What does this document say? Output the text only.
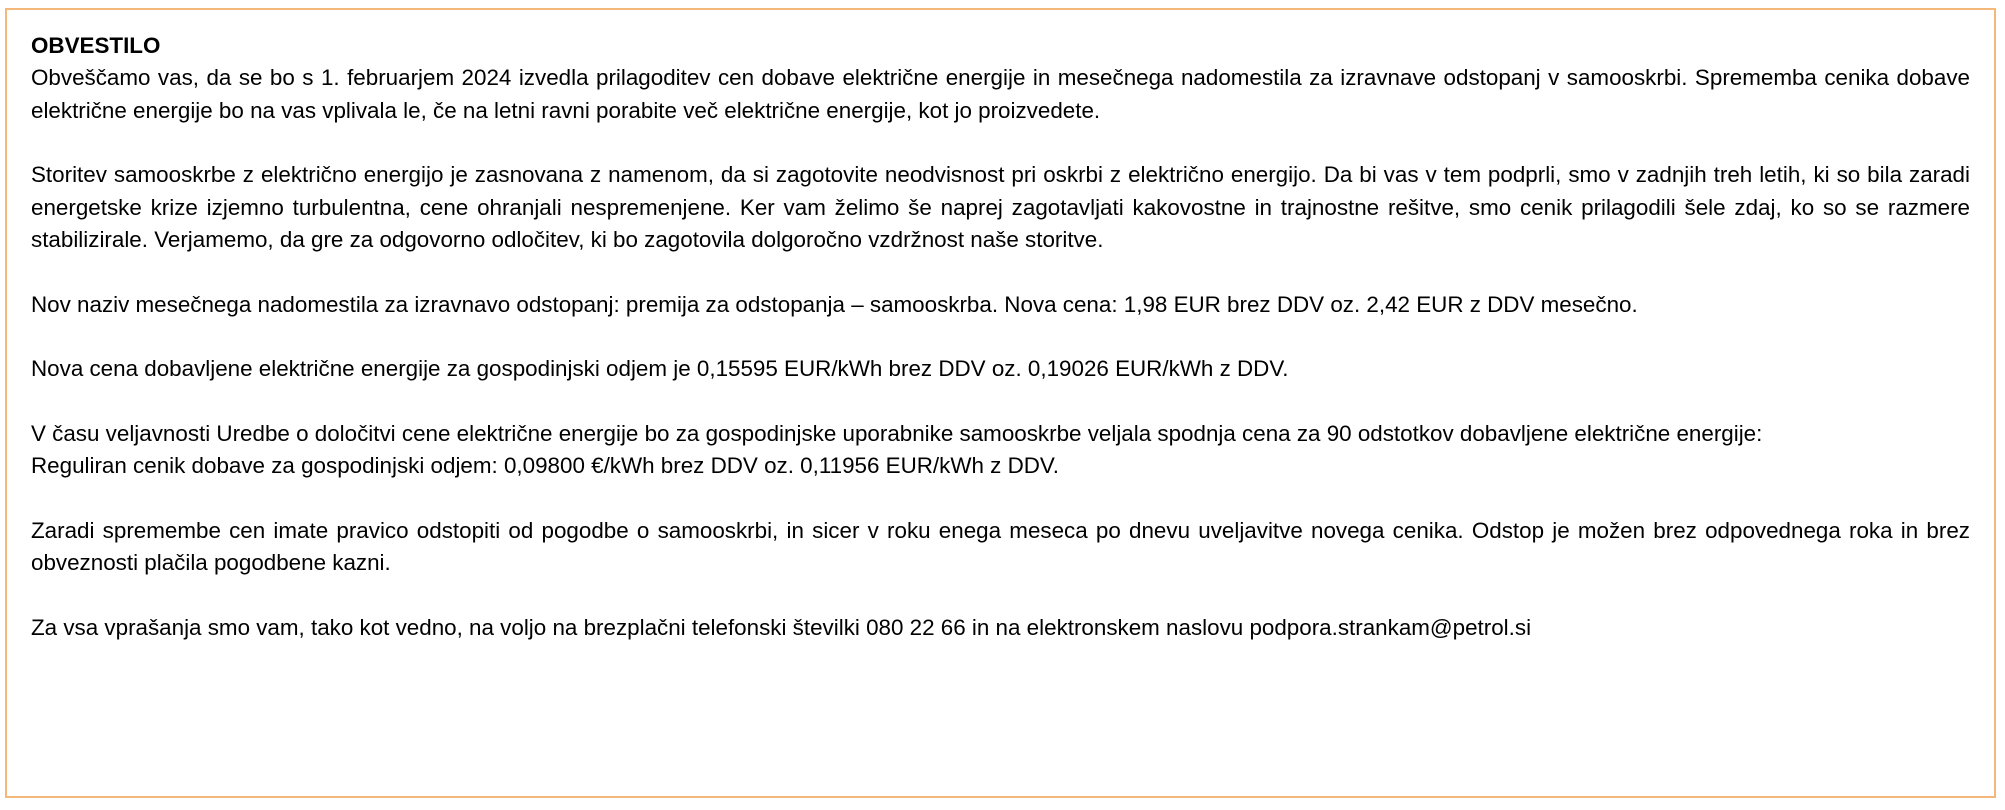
OBVESTILO

Obveščamo vas, da se bo s 1. februarjem 2024 izvedla prilagoditev cen dobave električne energije in mesečnega nadomestila za izravnave odstopanj v samooskrbi. Sprememba cenika dobave električne energije bo na vas vplivala le, če na letni ravni porabite več električne energije, kot jo proizvedete.

Storitev samooskrbe z električno energijo je zasnovana z namenom, da si zagotovite neodvisnost pri oskrbi z električno energijo. Da bi vas v tem podprli, smo v zadnjih treh letih, ki so bila zaradi energetske krize izjemno turbulentna, cene ohranjali nespremenjene. Ker vam želimo še naprej zagotavljati kakovostne in trajnostne rešitve, smo cenik prilagodili šele zdaj, ko so se razmere stabilizirale. Verjamemo, da gre za odgovorno odločitev, ki bo zagotovila dolgoročno vzdržnost naše storitve.

Nov naziv mesečnega nadomestila za izravnavo odstopanj: premija za odstopanja – samooskrba. Nova cena: 1,98 EUR brez DDV oz. 2,42 EUR z DDV mesečno.

Nova cena dobavljene električne energije za gospodinjski odjem je 0,15595 EUR/kWh brez DDV oz. 0,19026 EUR/kWh z DDV.

V času veljavnosti Uredbe o določitvi cene električne energije bo za gospodinjske uporabnike samooskrbe veljala spodnja cena za 90 odstotkov dobavljene električne energije:

Reguliran cenik dobave za gospodinjski odjem: 0,09800 €/kWh brez DDV oz. 0,11956 EUR/kWh z DDV.

Zaradi spremembe cen imate pravico odstopiti od pogodbe o samooskrbi, in sicer v roku enega meseca po dnevu uveljavitve novega cenika. Odstop je možen brez odpovednega roka in brez obveznosti plačila pogodbene kazni.

Za vsa vprašanja smo vam, tako kot vedno, na voljo na brezplačni telefonski številki 080 22 66 in na elektronskem naslovu podpora.strankam@petrol.si
